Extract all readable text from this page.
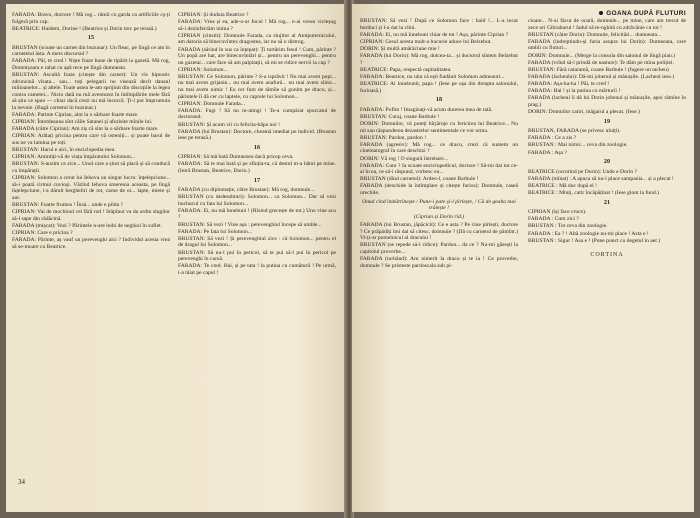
FARADA: Bravo, doctore ! Mă rog... rămîi cu garda ca artificiile cş-ți fulgeră prin cap.

BEATRICE: Haidem, Dorine ! (Beatrice şi Dorin trec pe terasă.)

15

BRUSTAN (scoate un carnet din buzunar): Un fleac, pe lîngă ce am în carnetelul ăsta. A mers discursul ?

FARADA: Păi, te cred ! Niște fraze bune de tipărit la gazetă. Mă rog, Domnișoara e rahat cu apă rece pe lîngă dumneata.

BRUSTAN: Ascultă fraze (citește din carnet): Un vis hipnotic zdruncină vîsata... sau... toți pelegarii nu visează decît danaul milioanelor... și altele. Toate astea le-am sprijinit din discuțiile la legea contra cametei... Nicio dată nu mă aventurez în întîmplările mele fără să știu ce spun — chiar dacă crezi nu mă încurcă. Ți-l pot împrumuta la nevoie. (Bagă carnetul în buzunar.)

FARADA: Parinte Ciprian, aint la o sărbare foarte mare.

CIPRIAN: Întotdeauna sînt căile Satanei și afurisite mînile lui.

FARADA (către Ciprian): Am ziș că sînt la o sărbare foarte mare.

CIPRIAN: Arătați pricina pentru care vă osteniți... și poate barul de sus ne va lumina pe toți.

BRUSTAN: Harul e aici, în enciclopedia mea.

CIPRIAN: Amintiți-vă de viața împăratului Solomon...

BRUSTAN: S-auzim ce zice... Unul care a știut să placă și să conducă cu împărații.

CIPRIAN: Solomon a cerut lui Iehova un singur lucru: înțelepciune... să-i poată cirmui cuvioși. Văzînd Iehova smerenia aceasta, pe lîngă înțelepciune, i-a dăruit bergheliri de tot, carne de oi... lapte, miere și aur.

BRUSTAN: Foarte frumos ! Însă... unde e pilda ?

CIPRIAN: Vai de mochinul cel fără rod ! Stăpînul va da ordin slugilor să-l sape din rădăcină.

FARADA (mișcat): Vezi ? Părintele n-are hobi de neghioi în suflet.

CIPRIAN: Care e pricina ?

FARADA: Părinte, aș vauf un perevenghi aici ? Individul acesta vrea să se-moare cu Beatrice.

CIPRIAN: Și duduia Beatrice ?

FARADA: Vrea și ea, ade-o-ar focul ! Mă rog... n-ai vreun vicleșug să-i dezinfectăm inima ?

CIPRIAN (cinstit): Domnule Farada, ca slujitor al Atotputernicului, am datoria să binecuvîntez dragostea, iar nu să o distrug.

FARADA (sărind în sus ca înțepat): Ți turtărim fesul ! Cum, părinte ? Un popă are har, are binecuvîntări și... pentru un perevenghi... pentru un gazetar... care face să am palpitații, să mi se ridice nervii la cap ?

CIPRIAN: Solomon...

BRUSTAN: Ce Solomon, părinte ? S-a isprăvit ! Nu mai avem popi... nu mai avem grijanie... nu mai avem anafură... nu mai avem slimi... nu mai avem nimic ! Eu cer fum de tămîie să gonim pe dracu, și... părintele îi dă cer cu laptele, cu caprele lui Solomon...

CIPRIAN: Domnule Farada...

FARADA: Fugi ! Să nu m-atingi ! Te-a cumpărat spurcatul de doctorand.

BRUSTAN: Și acum vii cu felicita-băpa noi !

FARADA (lui Brustan): Doctore, cheamă imediat pe individ. (Brustan iese pe terasă.)

16

CIPRIAN: Să mă bată Dumnezeu dacă pricep ceva.

FARADA: Să te mai bată și pe sfinția-ta, că destul m-a bătut pe mine. (Intră Brustan, Beatrice, Dorin.)

17

FARADA (cu diplomație, către Brustan): Mă rog, domnule...

BRUSTAN (cu dedesubturi): Solomon... ca Solomon... Dar să vezi buchucul cu fata lui Solomon...

FARADA: Ei, nu mă înnebuni ! (Rîsind grecește de tot.) Unu vine acu ?

BRUSTAN: Să vezi ! Vine așa : perevenghiul începe să umble...

FARADA: Pe fata lui Solomon...

BRUSTAN: Să vezi ! Și perevenghiul zice : că Solomon... pentru el de dragul lui Solomon...

BRUSTAN: Să nu-l pui în pericol, să te pui să-l pui în pericol pe perevenghi în cursă.

FARADA: Te cred. Hai, și pe tata ! la putina cu cumăturii ! Pe urmă, i-a tăiat pe capul !

34
GOANA DUPĂ FLUTURI

BRUSTAN: Să vezi ! După ce Solomon face : haid !... L-a tocat burduci și l-a dat la clini.

FARADA: Ei, nu mă înnebuni chiar de tot ! Așa, părinte Ciprian ?

CIPRIAN: Cesul acesta mult-a bucurie aduce lui Belzebut.

DORIN: Și multă amărăciune mie !

FARADA (lui Dorin): Mă rog, dulcea-ta... și doctorul sîntem Belzebut ?

BEATRICE: Papa, respectă ospitalitatea.

FARADA: Beatrice, nu uita că ești fiadăuit Solomon adineauri...

BEATRICE: Ai înnebunit, papa ! (Iese pe uşa din dreapta salonului, furioasă.)

18

FARADA: Pofim ! Imaginați-vă acum durerea mea de tată.

BRUSTAN: Curaj, coane Barbule !

DORIN: Domnilor, vă puteți bîrjăroje cu fericirea lui Beatrice... Nu mi sau răspunderea dezastrelor sentimentale ce vor urma.

BRUSTAN: Pardon, pardon !

FARADA (agresiv): Mă rog... ce dracu, crezi că suntem un cinematograf în care deschizi ?

DORIN: Vă rog ! O singură întrebare...

FARADA: Cum ? Ia scoate enciclopedicul, doctore ! Să-mi dai tot ce-ai în ea, ce să-i răspund, vorbesc eu...

BRUSTAN (dînd carnetul): Ardeo-l, coane Barbule !

FARADA (deschide la întîmplare și citește furios): Domnule, caseă urechile.

Omul cînd îmbătrînește / Pune-i pate și-l pîrlește, / Că de geaba mai trăiește !

(Ciprian și Dorin rîd.)

FARADA (lui Brustan, jăpăcicit): Ce e asta ? Pe cine pîrlești, doctore ? Ce prăpădiți îmi dai să citesc, domnule ? (Dă cu carnetul de pămînt.) Vi-ți-ar pomelnicul al dracului !

BRUSTAN (se repede să-l ridice): Pardon... da ce ? Nu-mi găsești la capitolul proverbe...

FARADA (turbând): Am nimerit la dracu și te ia ! Ce proverbe, domnule ? Se pristeste pardoscala sub pi-

cioare... N-ai făcut de ocară, domnule... pe mine, care am trecut de zece ori Gibraltarul ! Iadul să te-nghită cu zdrăvănie cu tot !

BRUSTAN (către Dorin): Domnule, felicitări... dumneata...

FARADA (indreptindu-și furia asupra lui Dorin): Dumneata, care umbli cu fluturi...

DORIN: Domnule... (Merge la consola din salonul de lîngă pian.)

FARADA (vrînd să-l prindă de nasture): Te dăm pe mîna poliției.

BRUSTAN: Fără cataramă, coane Barbule ! (fugere un tacheu)

FARADA (lacheului): Dă-mi jobenul și mănușile. (Lacheul iese.)

FARADA: Așa-ha-ha ! Păi, te cred !

FARADA: Hai ! și la putina cu mărturii !

FARADA (lacheul îi dă lui Dorin jobenul și mănușile, apoi rămîne în prag.)

DORIN: Domnilor catiri, măgarul a plecat. (Iese.)

19

BRUSTAN, FARADA (se privesc uluiți).

FARADA : Ce a zis ?

BRUSTAN : Mai nimic... ceva din zoologie.

FARADA : Așa ?

20

BEATRICE (ocrotind pe Dorin): Unde e Dorin ?

FARADA (mînat) : A apuca să nu-i place sampania... și a plecat !

BEATRICE : Mă duc după el !

BEATRICE : Minți, catir încăpățînat ! (Iese glont la fund.)

21

CIPRIAN (își face cruce).

FARADA : Cum zici ?

BRUSTAN : Tot ceva din zoologie.

FARADA : Ea ? ! Altă zoologie nu-mi place ! Asta e !

BRUSTAN : Sigur ! Asa e ! (Pune punct cu degetul în aer.)

CORTINA
